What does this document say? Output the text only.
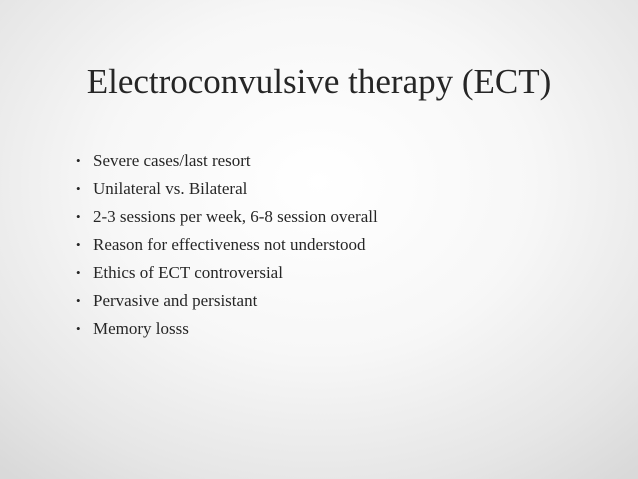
Electroconvulsive therapy (ECT)
• Severe cases/last resort
• Unilateral vs. Bilateral
• 2-3 sessions per week, 6-8 session overall
• Reason for effectiveness not understood
• Ethics of ECT controversial
• Pervasive and persistant
• Memory losss
